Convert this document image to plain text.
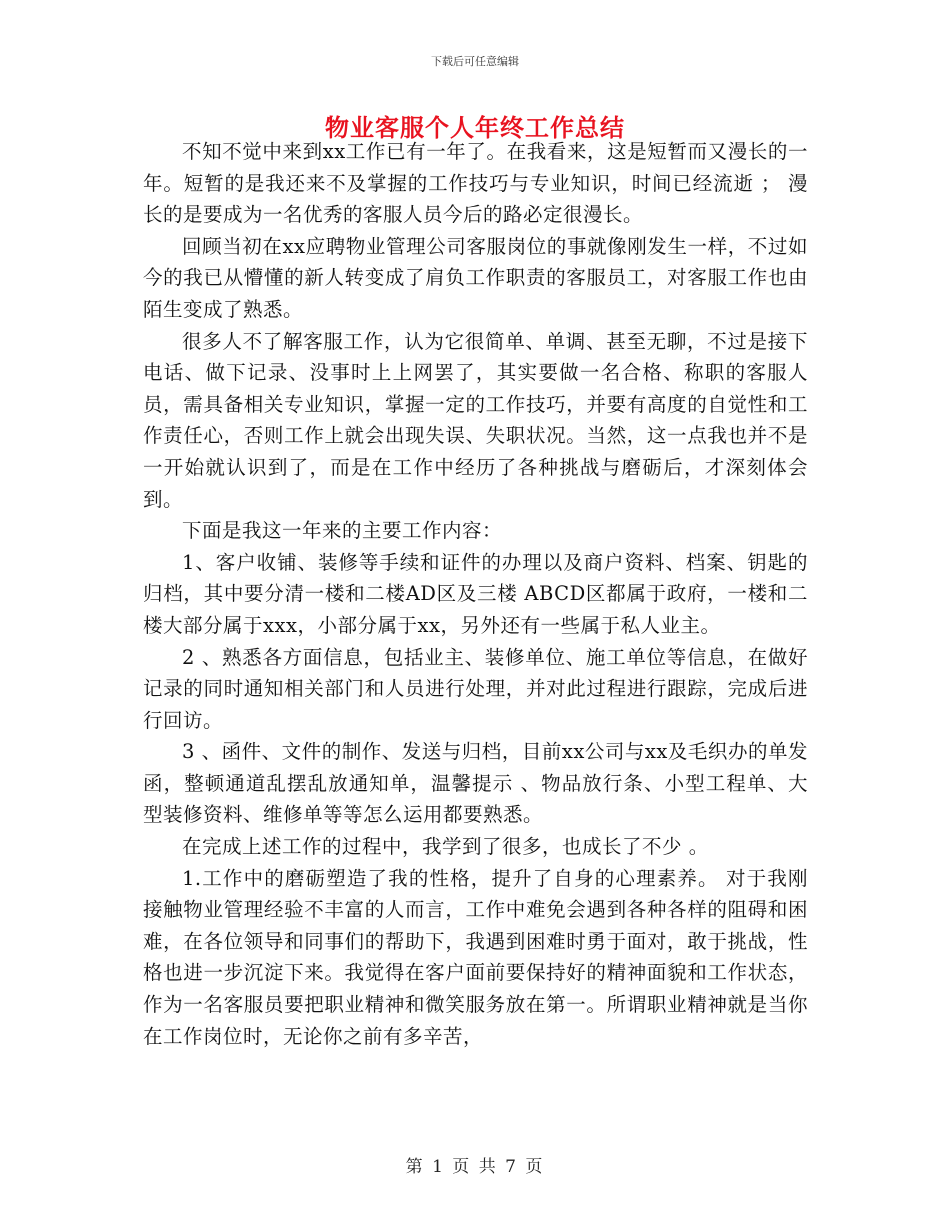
下载后可任意编辑
物业客服个人年终工作总结

不知不觉中来到xx工作已有一年了。在我看来，这是短暂而又漫长的一年。短暂的是我还来不及掌握的工作技巧与专业知识，时间已经流逝 ； 漫长的是要成为一名优秀的客服人员今后的路必定很漫长。

回顾当初在xx应聘物业管理公司客服岗位的事就像刚发生一样，不过如今的我已从懵懂的新人转变成了肩负工作职责的客服员工，对客服工作也由陌生变成了熟悉。

很多人不了解客服工作，认为它很简单、单调、甚至无聊，不过是接下电话、做下记录、没事时上上网罢了，其实要做一名合格、称职的客服人员，需具备相关专业知识，掌握一定的工作技巧，并要有高度的自觉性和工作责任心，否则工作上就会出现失误、失职状况。当然，这一点我也并不是一开始就认识到了，而是在工作中经历了各种挑战与磨砺后，才深刻体会到。

下面是我这一年来的主要工作内容：

1、客户收铺、装修等手续和证件的办理以及商户资料、档案、钥匙的归档，其中要分清一楼和二楼AD区及三楼 ABCD区都属于政府，一楼和二楼大部分属于xxx，小部分属于xx，另外还有一些属于私人业主。

2 、熟悉各方面信息，包括业主、装修单位、施工单位等信息，在做好记录的同时通知相关部门和人员进行处理，并对此过程进行跟踪，完成后进行回访。

3 、函件、文件的制作、发送与归档，目前xx公司与xx及毛织办的单发函，整顿通道乱摆乱放通知单，温馨提示 、物品放行条、小型工程单、大型装修资料、维修单等等怎么运用都要熟悉。

在完成上述工作的过程中，我学到了很多，也成长了不少 。

1.工作中的磨砺塑造了我的性格，提升了自身的心理素养。 对于我刚接触物业管理经验不丰富的人而言，工作中难免会遇到各种各样的阻碍和困难，在各位领导和同事们的帮助下，我遇到困难时勇于面对，敢于挑战，性格也进一步沉淀下来。我觉得在客户面前要保持好的精神面貌和工作状态，作为一名客服员要把职业精神和微笑服务放在第一。所谓职业精神就是当你在工作岗位时，无论你之前有多辛苦，

第 1 页 共 7 页
